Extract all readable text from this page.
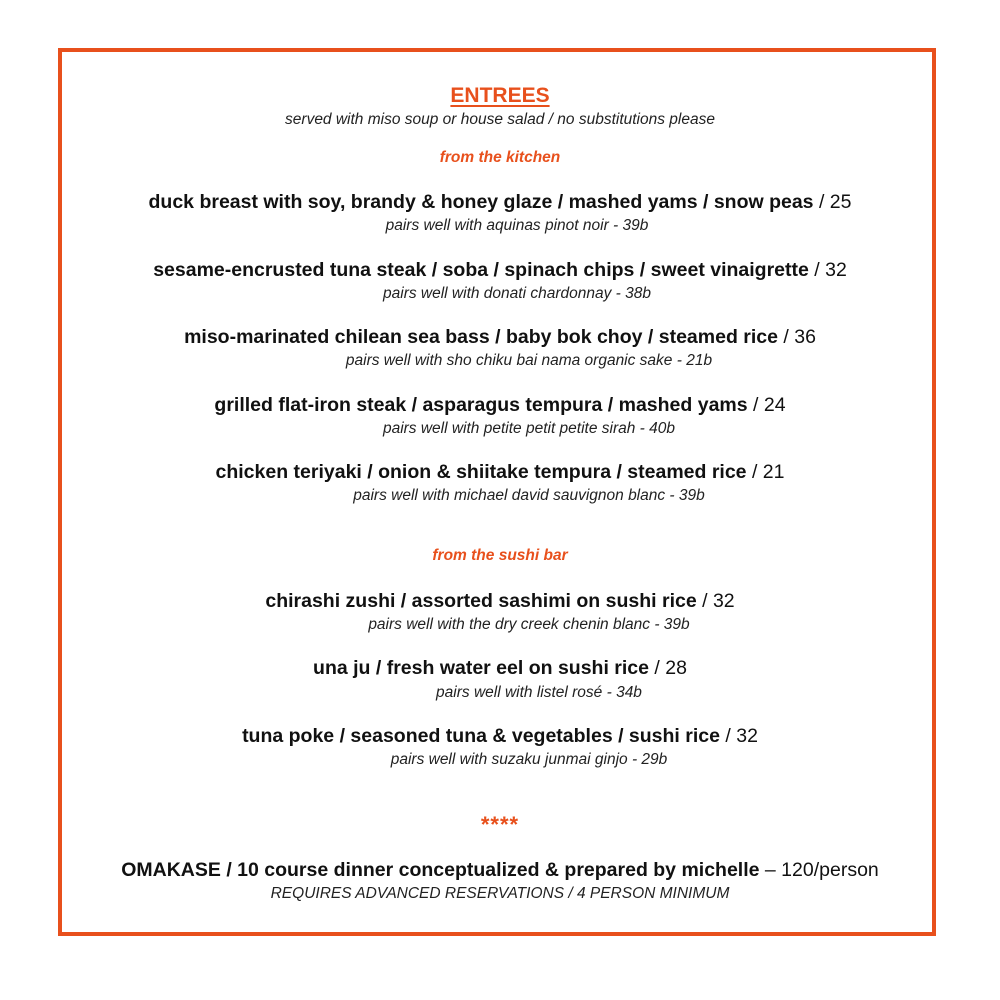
ENTREES
served with miso soup or house salad / no substitutions please
from the kitchen
duck breast with soy, brandy & honey glaze / mashed yams / snow peas / 25
pairs well with aquinas pinot noir - 39b
sesame-encrusted tuna steak / soba / spinach chips / sweet vinaigrette / 32
pairs well with donati chardonnay - 38b
miso-marinated chilean sea bass / baby bok choy / steamed rice / 36
pairs well with sho chiku bai nama organic sake - 21b
grilled flat-iron steak / asparagus tempura / mashed yams / 24
pairs well with petite petit petite sirah - 40b
chicken teriyaki / onion & shiitake tempura / steamed rice / 21
pairs well with michael david sauvignon blanc - 39b
from the sushi bar
chirashi zushi / assorted sashimi on sushi rice / 32
pairs well with the dry creek chenin blanc - 39b
una ju / fresh water eel on sushi rice / 28
pairs well with listel rosé - 34b
tuna poke / seasoned tuna & vegetables / sushi rice / 32
pairs well with suzaku junmai ginjo - 29b
****
OMAKASE / 10 course dinner conceptualized & prepared by michelle – 120/person
REQUIRES ADVANCED RESERVATIONS / 4 PERSON MINIMUM
